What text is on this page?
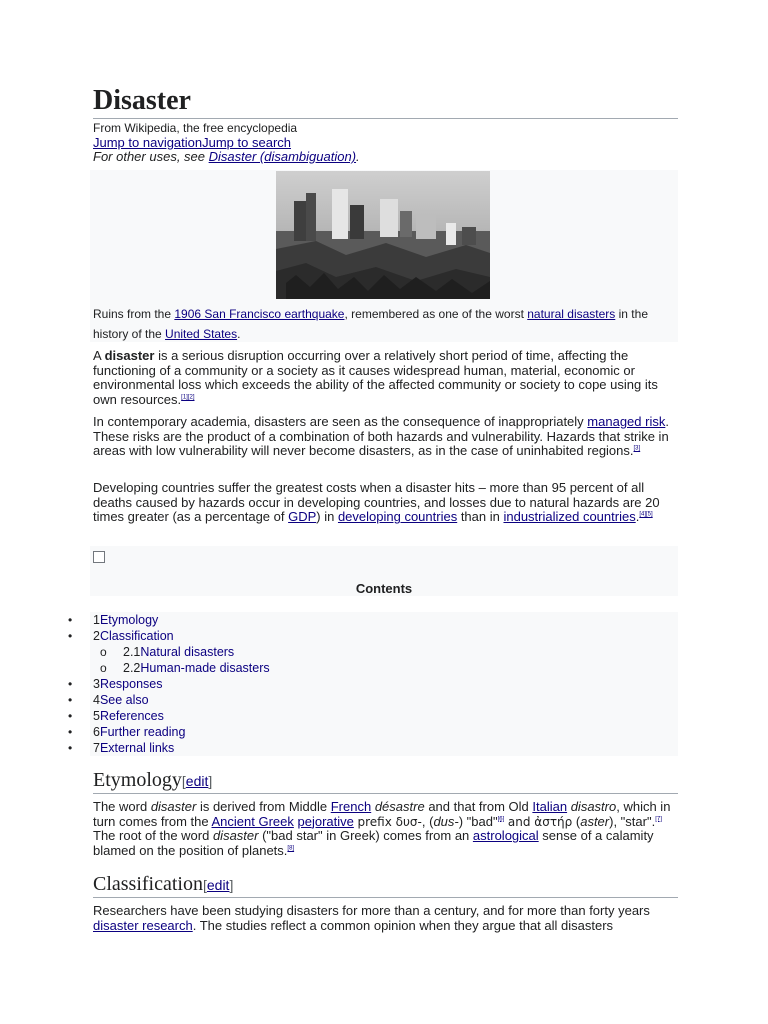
Disaster
From Wikipedia, the free encyclopedia
Jump to navigationJump to search
For other uses, see Disaster (disambiguation).
Ruins from the 1906 San Francisco earthquake, remembered as one of the worst natural disasters in the history of the United States.

A disaster is a serious disruption occurring over a relatively short period of time, affecting the functioning of a community or a society as it causes widespread human, material, economic or environmental loss which exceeds the ability of the affected community or society to cope using its own resources.[1][2]

In contemporary academia, disasters are seen as the consequence of inappropriately managed risk. These risks are the product of a combination of both hazards and vulnerability. Hazards that strike in areas with low vulnerability will never become disasters, as in the case of uninhabited regions.[3]

Developing countries suffer the greatest costs when a disaster hits – more than 95 percent of all deaths caused by hazards occur in developing countries, and losses due to natural hazards are 20 times greater (as a percentage of GDP) in developing countries than in industrialized countries.[4][5]

Contents
•	1Etymology
•	2Classification
o 2.1Natural disasters
o 2.2Human-made disasters
•	3Responses
•	4See also
•	5References
•	6Further reading
•	7External links
Etymology[edit]

The word disaster is derived from Middle French désastre and that from Old Italian disastro, which in turn comes from the Ancient Greek pejorative prefix δυσ-, (dus-) "bad"[6] and ἀστήρ (aster), "star".[7] The root of the word disaster ("bad star" in Greek) comes from an astrological sense of a calamity blamed on the position of planets.[8]

Classification[edit]

Researchers have been studying disasters for more than a century, and for more than forty years disaster research. The studies reflect a common opinion when they argue that all disasters
